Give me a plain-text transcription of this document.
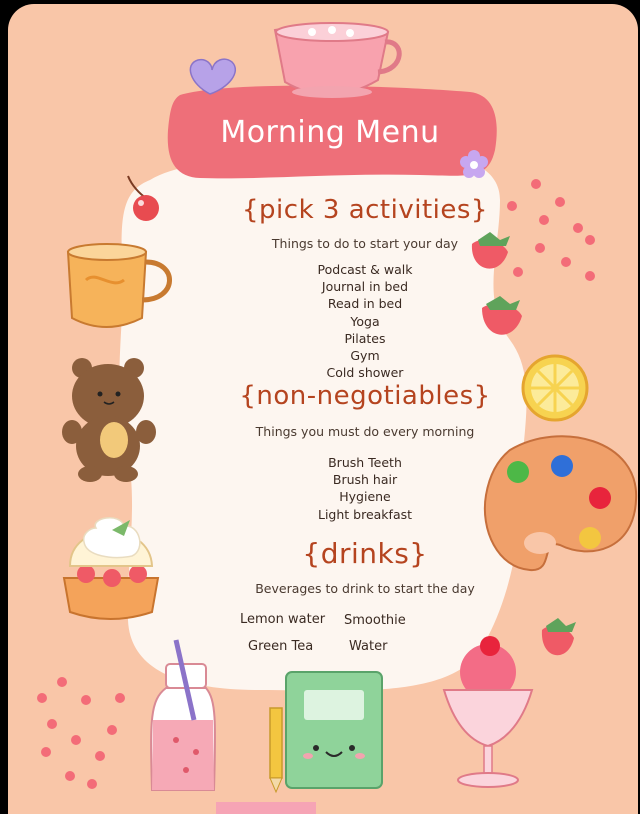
Morning Menu
{pick 3 activities}
Things to do to start your day
Podcast & walk
Journal in bed
Read in bed
Yoga
Pilates
Gym
Cold shower
{non-negotiables}
Things you must do every morning
Brush Teeth
Brush hair
Hygiene
Light breakfast
{drinks}
Beverages to drink to start the day
Lemon water Smoothie
Green Tea	Water
